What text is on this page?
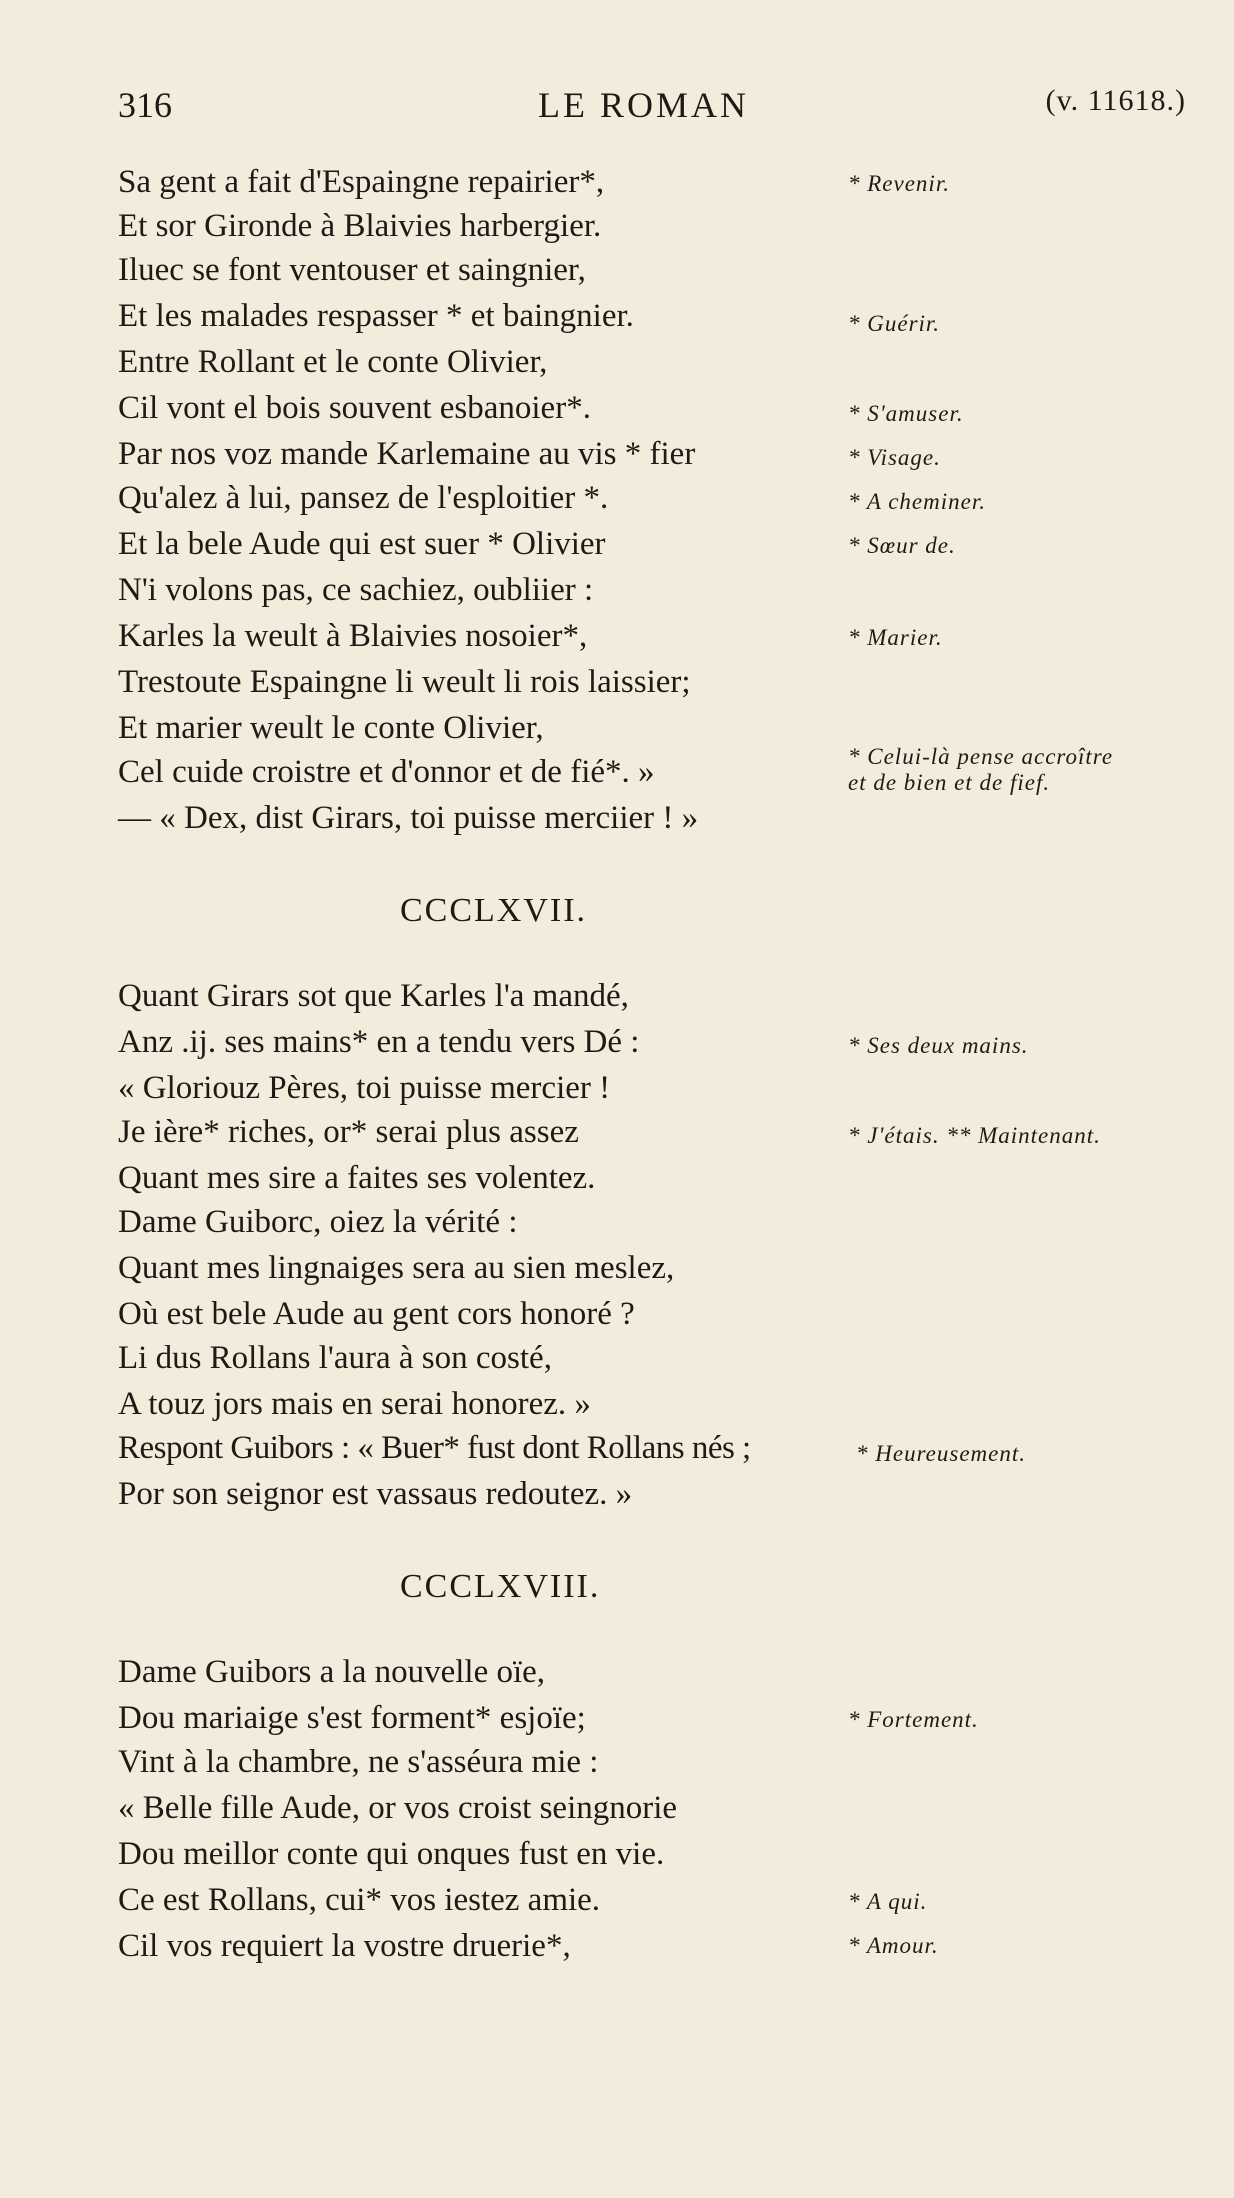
316	LE ROMAN	(v. 11618.)
Sa gent a fait d'Espaingne repairier*,
Et sor Gironde à Blaivies harbergier.
Iluec se font ventouser et saingnier,
Et les malades respasser * et baingnier.
Entre Rollant et le conte Olivier,
Cil vont el bois souvent esbanoier*.
Par nos voz mande Karlemaine au vis * fier
Qu'alez à lui, pansez de l'esploitier *.
Et la bele Aude qui est suer * Olivier
N'i volons pas, ce sachiez, oubliier :
Karles la weult à Blaivies nosoier*,
Trestoute Espaingne li weult li rois laissier;
Et marier weult le conte Olivier,
Cel cuide croistre et d'onnor et de fié*. »
— « Dex, dist Girars, toi puisse merciier ! »
* Revenir.
* Guérir.
* S'amuser.
* Visage.
* A cheminer.
* Sœur de.
* Marier.
* Celui-là pense accroître
et de bien et de fief.
CCCLXVII.
Quant Girars sot que Karles l'a mandé,
Anz .ij. ses mains* en a tendu vers Dé :
« Gloriouz Pères, toi puisse mercier !
Je ière* riches, or* serai plus assez
Quant mes sire a faites ses volentez.
Dame Guiborc, oiez la vérité :
Quant mes lingnaiges sera au sien meslez,
Où est bele Aude au gent cors honoré ?
Li dus Rollans l'aura à son costé,
A touz jors mais en serai honorez. »
Respont Guibors : « Buer* fust dont Rollans nés ;
Por son seignor est vassaus redoutez. »
* Ses deux mains.
* J'étais. ** Maintenant.
* Heureusement.
CCCLXVIII.
Dame Guibors a la nouvelle oïe,
Dou mariaige s'est forment* esjoïe;
Vint à la chambre, ne s'asséura mie :
« Belle fille Aude, or vos croist seingnorie
Dou meillor conte qui onques fust en vie.
Ce est Rollans, cui* vos iestez amie.
Cil vos requiert la vostre druerie*,
* Fortement.
* A qui.
* Amour.
